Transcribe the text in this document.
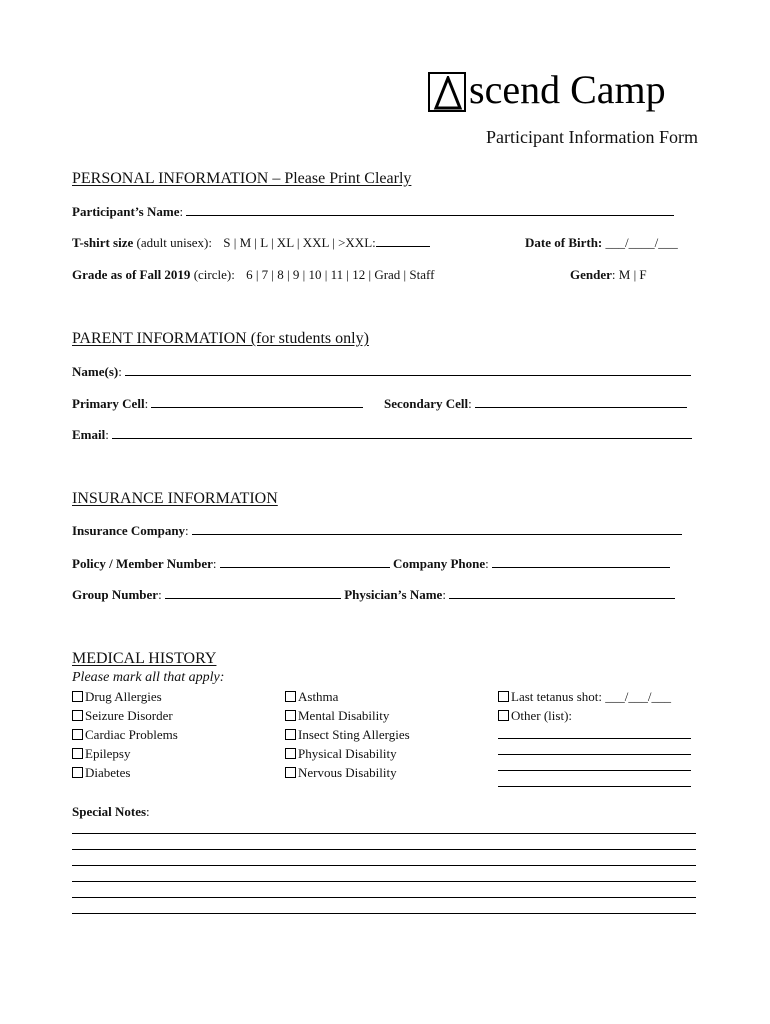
scend Camp
Participant Information Form
PERSONAL INFORMATION – Please Print Clearly
Participant’s Name:
T-shirt size (adult unisex): S | M | L | XL | XXL | >XXL:	Date of Birth: ___/____/___
Grade as of Fall 2019 (circle): 6 | 7 | 8 | 9 | 10 | 11 | 12 | Grad | Staff	Gender: M | F
PARENT INFORMATION (for students only)
Name(s):
Primary Cell:	Secondary Cell:
Email:
INSURANCE INFORMATION
Insurance Company:
Policy / Member Number:	Company Phone:
Group Number:	Physician’s Name:
MEDICAL HISTORY
Please mark all that apply:
Drug Allergies
Seizure Disorder
Cardiac Problems
Epilepsy
Diabetes
Asthma
Mental Disability
Insect Sting Allergies
Physical Disability
Nervous Disability
Last tetanus shot: ___/___/___
Other (list):
Special Notes:
